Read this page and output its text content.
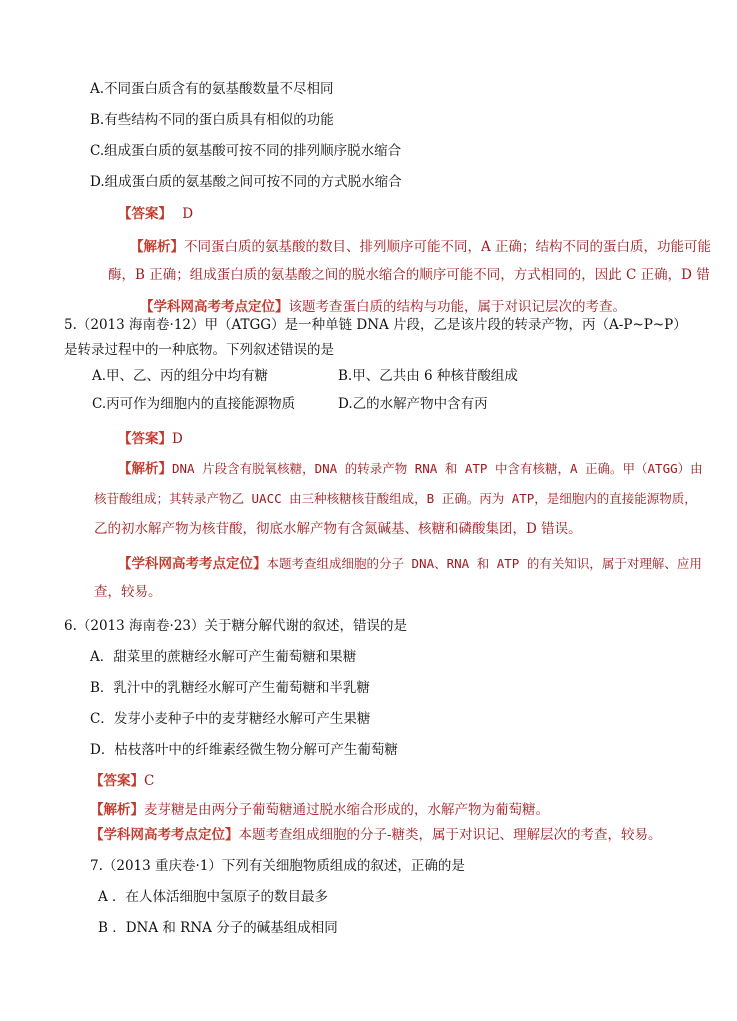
A.不同蛋白质含有的氨基酸数量不尽相同
B.有些结构不同的蛋白质具有相似的功能
C.组成蛋白质的氨基酸可按不同的排列顺序脱水缩合
D.组成蛋白质的氨基酸之间可按不同的方式脱水缩合
【答案】 D
【解析】不同蛋白质的氨基酸的数目、排列顺序可能不同，A 正确；结构不同的蛋白质，功能可能
酶，B 正确；组成蛋白质的氨基酸之间的脱水缩合的顺序可能不同，方式相同的，因此 C 正确，D 错
【学科网高考考点定位】该题考查蛋白质的结构与功能，属于对识记层次的考查。
5.（2013 海南卷·12）甲（ATGG）是一种单链 DNA 片段，乙是该片段的转录产物，丙（A-P~P~P）
是转录过程中的一种底物。下列叙述错误的是
A.甲、乙、丙的组分中均有糖	B.甲、乙共由 6 种核苷酸组成
C.丙可作为细胞内的直接能源物质	D.乙的水解产物中含有丙
【答案】D
【解析】DNA 片段含有脱氧核糖，DNA 的转录产物 RNA 和 ATP 中含有核糖，A 正确。甲（ATGG）由
核苷酸组成；其转录产物乙 UACC 由三种核糖核苷酸组成，B 正确。丙为 ATP，是细胞内的直接能源物质，
乙的初水解产物为核苷酸，彻底水解产物有含氮碱基、核糖和磷酸集团，D 错误。
【学科网高考考点定位】本题考查组成细胞的分子 DNA、RNA 和 ATP 的有关知识，属于对理解、应用
查，较易。
6.（2013 海南卷·23）关于糖分解代谢的叙述，错误的是
A．甜菜里的蔗糖经水解可产生葡萄糖和果糖
B．乳汁中的乳糖经水解可产生葡萄糖和半乳糖
C．发芽小麦种子中的麦芽糖经水解可产生果糖
D．枯枝落叶中的纤维素经微生物分解可产生葡萄糖
【答案】C
【解析】麦芽糖是由两分子葡萄糖通过脱水缩合形成的，水解产物为葡萄糖。
【学科网高考考点定位】本题考查组成细胞的分子-糖类，属于对识记、理解层次的考查，较易。
7.（2013 重庆卷·1）下列有关细胞物质组成的叙述，正确的是
A ．在人体活细胞中氢原子的数目最多
B ．DNA 和 RNA 分子的碱基组成相同
